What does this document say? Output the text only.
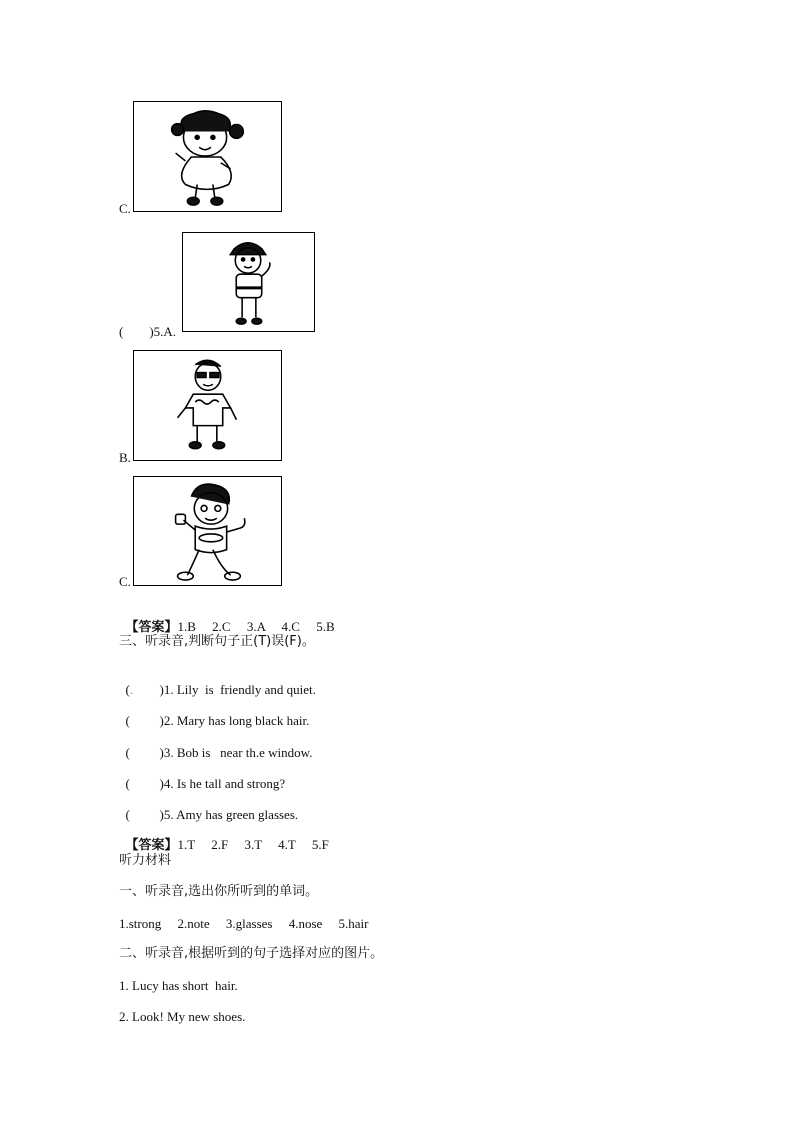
C.
(　　)5.A.
B.
C.

【答案】1.B　 2.C　 3.A　 4.C　 5.B

三、听录音,判断句子正(T)误(F)。

(. )1. Lily  is  friendly and quiet.

( )2. Mary has long black hair.

( )3. Bob is   near th.e window.

( )4. Is he tall and strong?

( )5. Amy has green glasses.

【答案】1.T　 2.F　 3.T　 4.T　 5.F

听力材料
一、听录音,选出你所听到的单词。
1.strong　 2.note　 3.glasses　 4.nose　 5.hair
二、听录音,根据听到的句子选择对应的图片。
1. Lucy has short  hair.
2. Look! My new shoes.
